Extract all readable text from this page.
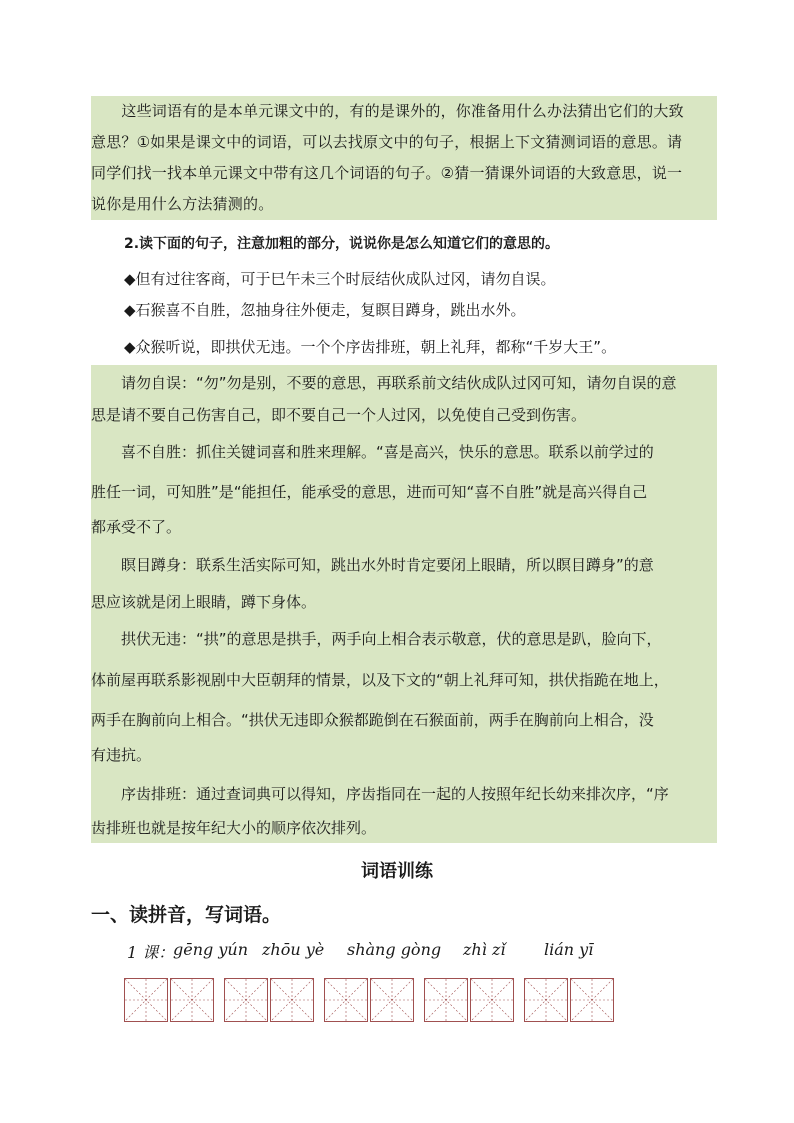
　　这些词语有的是本单元课文中的，有的是课外的，你准备用什么办法猜出它们的大致
意思？①如果是课文中的词语，可以去找原文中的句子，根据上下文猜测词语的意思。请
同学们找一找本单元课文中带有这几个词语的句子。②猜一猜课外词语的大致意思，说一
说你是用什么方法猜测的。
2.读下面的句子，注意加粗的部分，说说你是怎么知道它们的意思的。
◆但有过往客商，可于巳午未三个时辰结伙成队过冈，请勿自误。
◆石猴喜不自胜，忽抽身往外便走，复瞑目蹲身，跳出水外。
◆众猴听说，即拱伏无违。一个个序齿排班，朝上礼拜，都称“千岁大王”。
　　请勿自误：“勿”勿是别，不要的意思，再联系前文结伙成队过冈可知，请勿自误的意
思是请不要自己伤害自己，即不要自己一个人过冈，以免使自己受到伤害。
　　喜不自胜：抓住关键词喜和胜来理解。“喜是高兴，快乐的意思。联系以前学过的
胜任一词，可知胜”是“能担任，能承受的意思，进而可知“喜不自胜”就是高兴得自己
都承受不了。
　　瞑目蹲身：联系生活实际可知，跳出水外时肯定要闭上眼睛，所以瞑目蹲身”的意
思应该就是闭上眼睛，蹲下身体。
　　拱伏无违：“拱”的意思是拱手，两手向上相合表示敬意，伏的意思是趴，脸向下，
体前屋再联系影视剧中大臣朝拜的情景，以及下文的“朝上礼拜可知，拱伏指跪在地上，
两手在胸前向上相合。“拱伏无违即众猴都跪倒在石猴面前，两手在胸前向上相合，没
有违抗。
　　序齿排班：通过查词典可以得知，序齿指同在一起的人按照年纪长幼来排次序，“序
齿排班也就是按年纪大小的顺序依次排列。
词语训练
一、读拼音，写词语。
1 课：
gēng yún zhōu yè shàng gòng zhì zǐ lián yī
